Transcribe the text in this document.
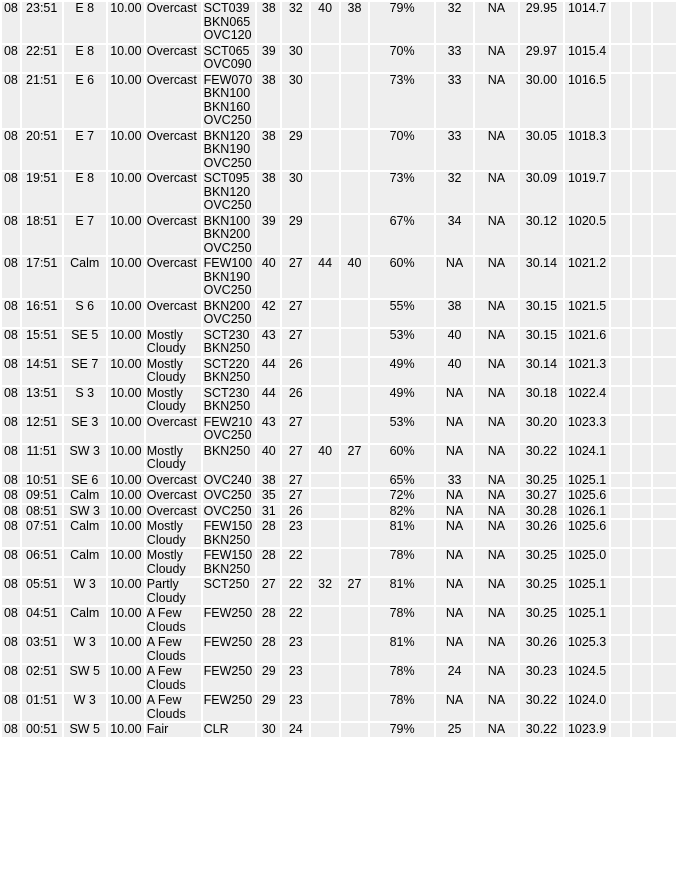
08	23:51	E 8	10.00	Overcast	SCT039
BKN065
OVC120	38	32	40	38	79%	32	NA	29.95	1014.7			
08	22:51	E 8	10.00	Overcast	SCT065
OVC090	39	30			70%	33	NA	29.97	1015.4			
08	21:51	E 6	10.00	Overcast	FEW070
BKN100
BKN160
OVC250	38	30			73%	33	NA	30.00	1016.5			
08	20:51	E 7	10.00	Overcast	BKN120
BKN190
OVC250	38	29			70%	33	NA	30.05	1018.3			
08	19:51	E 8	10.00	Overcast	SCT095
BKN120
OVC250	38	30			73%	32	NA	30.09	1019.7			
08	18:51	E 7	10.00	Overcast	BKN100
BKN200
OVC250	39	29			67%	34	NA	30.12	1020.5			
08	17:51	Calm	10.00	Overcast	FEW100
BKN190
OVC250	40	27	44	40	60%	NA	NA	30.14	1021.2			
08	16:51	S 6	10.00	Overcast	BKN200
OVC250	42	27			55%	38	NA	30.15	1021.5			
08	15:51	SE 5	10.00	Mostly Cloudy	SCT230
BKN250	43	27			53%	40	NA	30.15	1021.6			
08	14:51	SE 7	10.00	Mostly Cloudy	SCT220
BKN250	44	26			49%	40	NA	30.14	1021.3			
08	13:51	S 3	10.00	Mostly Cloudy	SCT230
BKN250	44	26			49%	NA	NA	30.18	1022.4			
08	12:51	SE 3	10.00	Overcast	FEW210
OVC250	43	27			53%	NA	NA	30.20	1023.3			
08	11:51	SW 3	10.00	Mostly Cloudy	BKN250	40	27	40	27	60%	NA	NA	30.22	1024.1			
08	10:51	SE 6	10.00	Overcast	OVC240	38	27			65%	33	NA	30.25	1025.1			
08	09:51	Calm	10.00	Overcast	OVC250	35	27			72%	NA	NA	30.27	1025.6			
08	08:51	SW 3	10.00	Overcast	OVC250	31	26			82%	NA	NA	30.28	1026.1			
08	07:51	Calm	10.00	Mostly Cloudy	FEW150
BKN250	28	23			81%	NA	NA	30.26	1025.6			
08	06:51	Calm	10.00	Mostly Cloudy	FEW150
BKN250	28	22			78%	NA	NA	30.25	1025.0			
08	05:51	W 3	10.00	Partly Cloudy	SCT250	27	22	32	27	81%	NA	NA	30.25	1025.1			
08	04:51	Calm	10.00	A Few Clouds	FEW250	28	22			78%	NA	NA	30.25	1025.1			
08	03:51	W 3	10.00	A Few Clouds	FEW250	28	23			81%	NA	NA	30.26	1025.3			
08	02:51	SW 5	10.00	A Few Clouds	FEW250	29	23			78%	24	NA	30.23	1024.5			
08	01:51	W 3	10.00	A Few Clouds	FEW250	29	23			78%	NA	NA	30.22	1024.0			
08	00:51	SW 5	10.00	Fair	CLR	30	24			79%	25	NA	30.22	1023.9			
